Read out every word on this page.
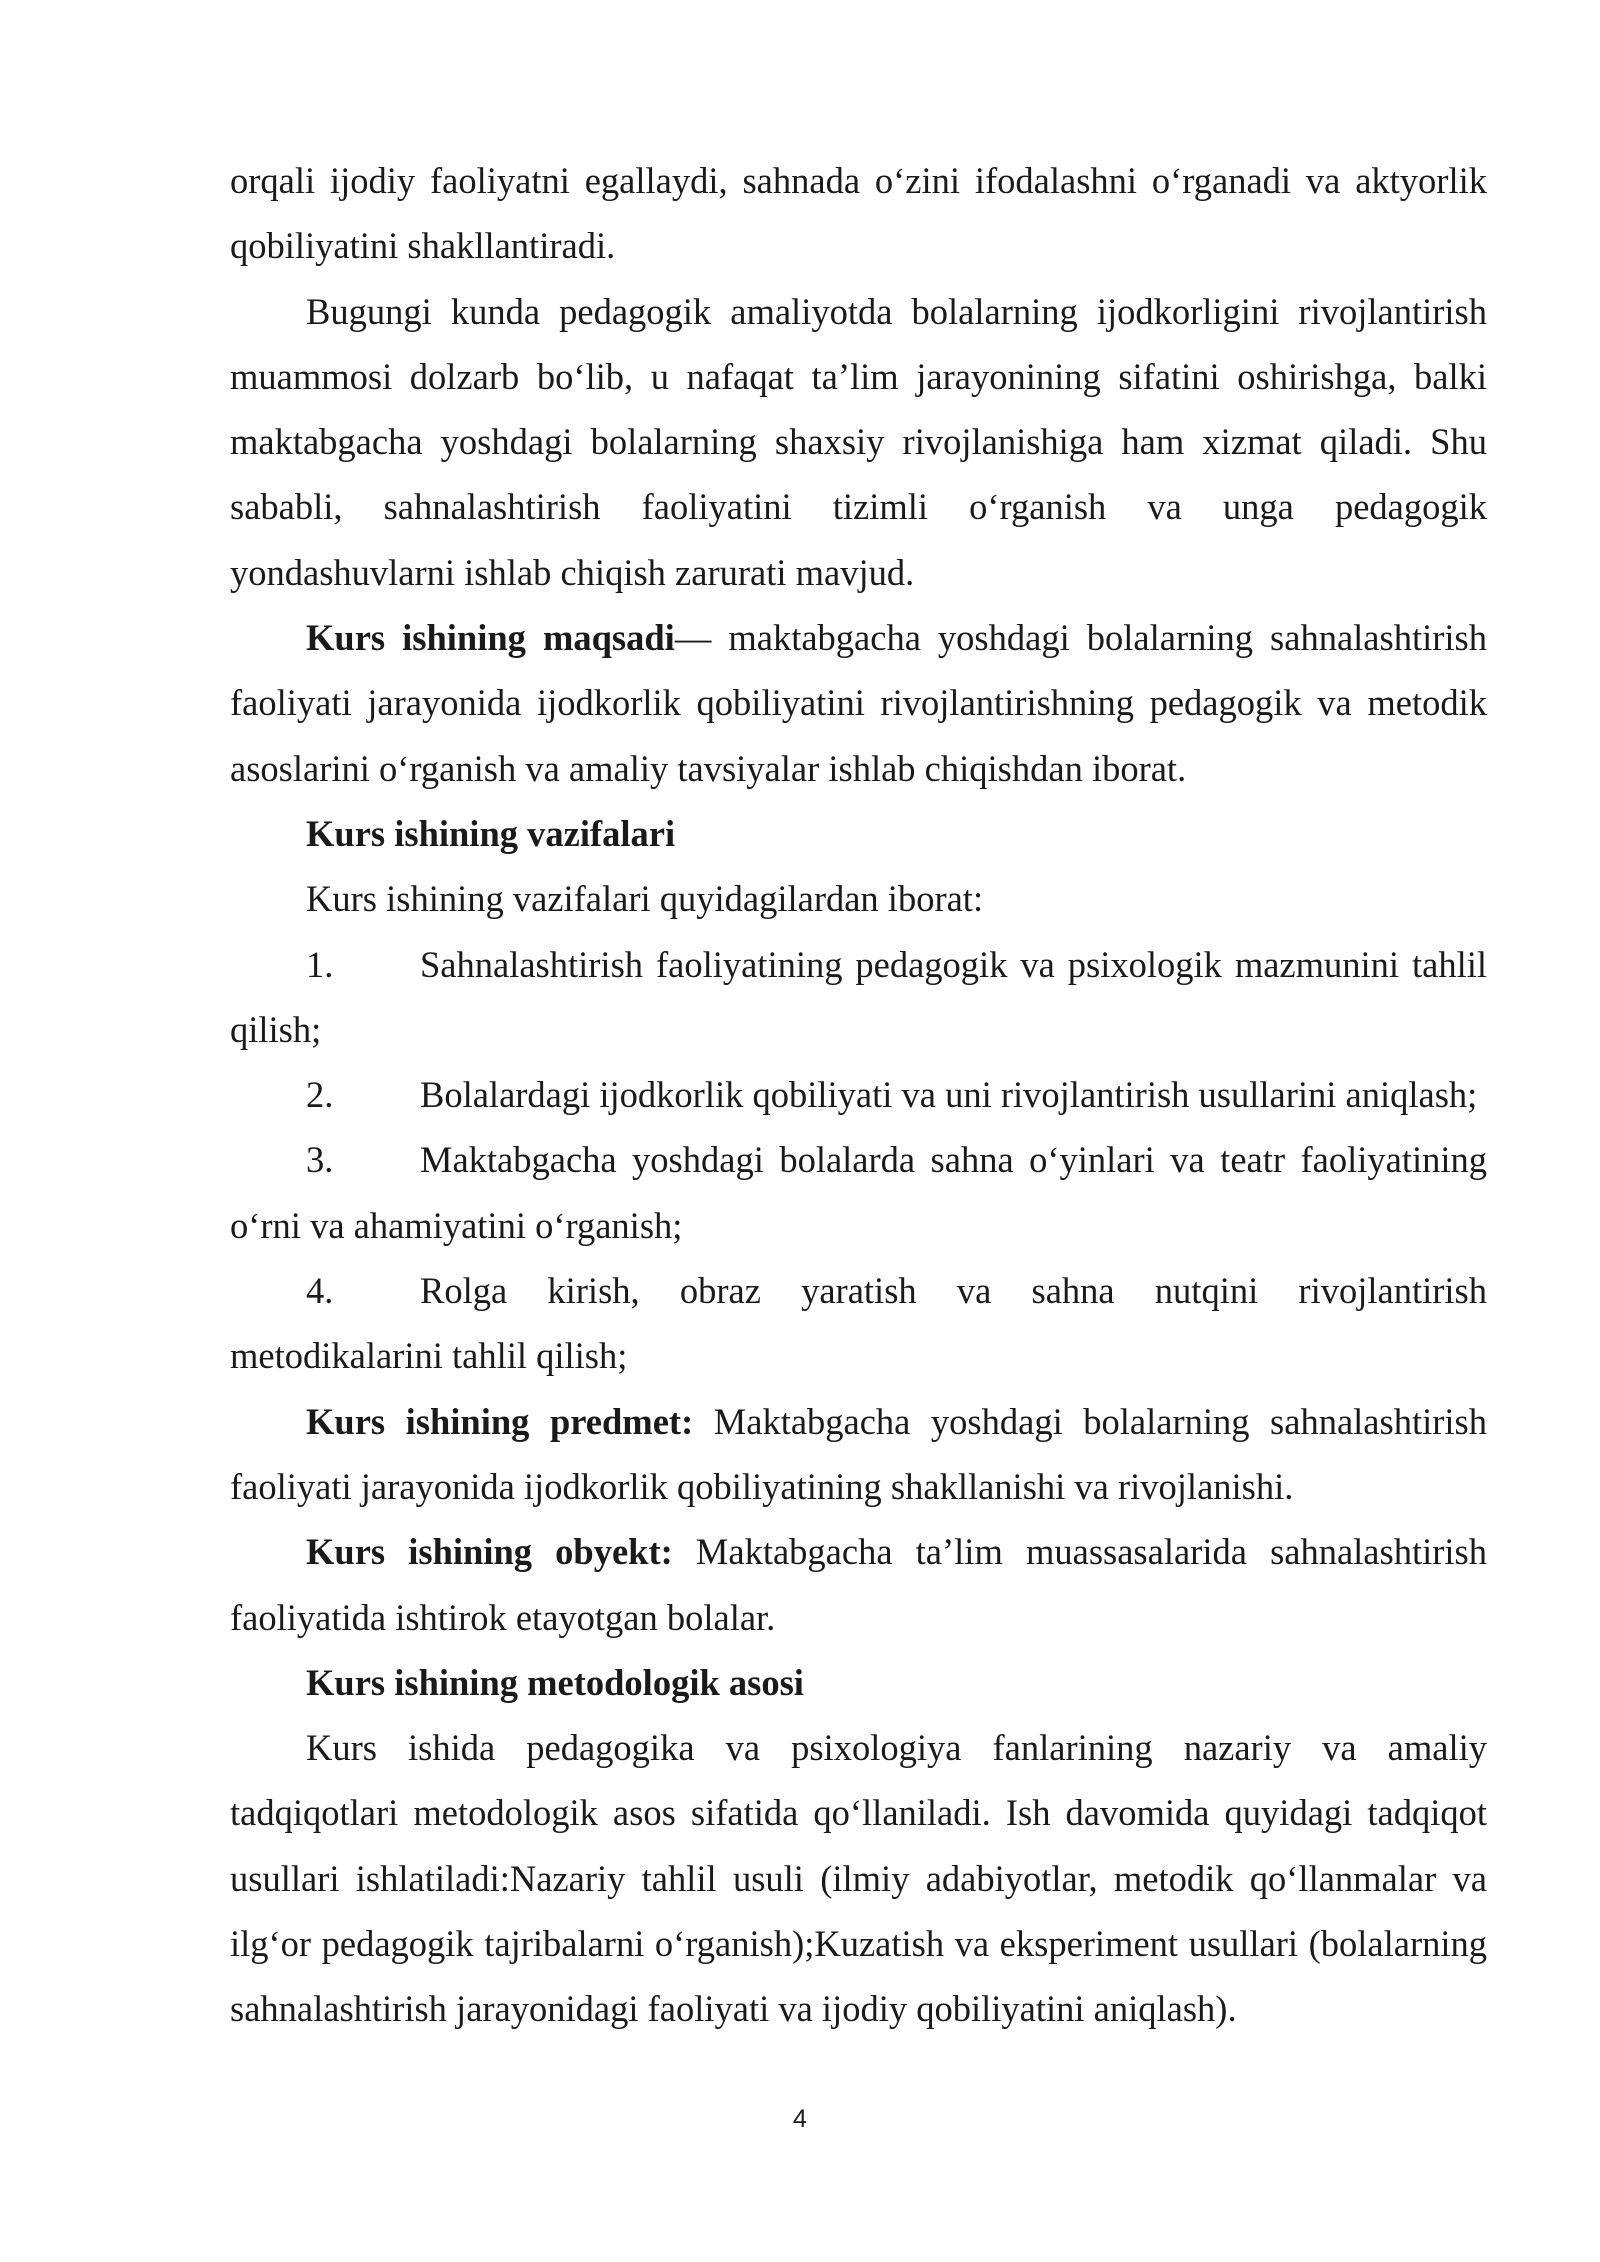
orqali ijodiy faoliyatni egallaydi, sahnada o‘zini ifodalashni o‘rganadi va aktyorlik qobiliyatini shakllantiradi.

Bugungi kunda pedagogik amaliyotda bolalarning ijodkorligini rivojlantirish muammosi dolzarb bo‘lib, u nafaqat ta’lim jarayonining sifatini oshirishga, balki maktabgacha yoshdagi bolalarning shaxsiy rivojlanishiga ham xizmat qiladi. Shu sababli, sahnalashtirish faoliyatini tizimli o‘rganish va unga pedagogik yondashuvlarni ishlab chiqish zarurati mavjud.

Kurs ishining maqsadi— maktabgacha yoshdagi bolalarning sahnalashtirish faoliyati jarayonida ijodkorlik qobiliyatini rivojlantirishning pedagogik va metodik asoslarini o‘rganish va amaliy tavsiyalar ishlab chiqishdan iborat.

Kurs ishining vazifalari

Kurs ishining vazifalari quyidagilardan iborat:

1. Sahnalashtirish faoliyatining pedagogik va psixologik mazmunini tahlil qilish;

2. Bolalardagi ijodkorlik qobiliyati va uni rivojlantirish usullarini aniqlash;

3. Maktabgacha yoshdagi bolalarda sahna o‘yinlari va teatr faoliyatining o‘rni va ahamiyatini o‘rganish;

4. Rolga kirish, obraz yaratish va sahna nutqini rivojlantirish metodikalarini tahlil qilish;

Kurs ishining predmet: Maktabgacha yoshdagi bolalarning sahnalashtirish faoliyati jarayonida ijodkorlik qobiliyatining shakllanishi va rivojlanishi.

Kurs ishining obyekt: Maktabgacha ta’lim muassasalarida sahnalashtirish faoliyatida ishtirok etayotgan bolalar.

Kurs ishining metodologik asosi

Kurs ishida pedagogika va psixologiya fanlarining nazariy va amaliy tadqiqotlari metodologik asos sifatida qo‘llaniladi. Ish davomida quyidagi tadqiqot usullari ishlatiladi:Nazariy tahlil usuli (ilmiy adabiyotlar, metodik qo‘llanmalar va ilg‘or pedagogik tajribalarni o‘rganish);Kuzatish va eksperiment usullari (bolalarning sahnalashtirish jarayonidagi faoliyati va ijodiy qobiliyatini aniqlash).

4
